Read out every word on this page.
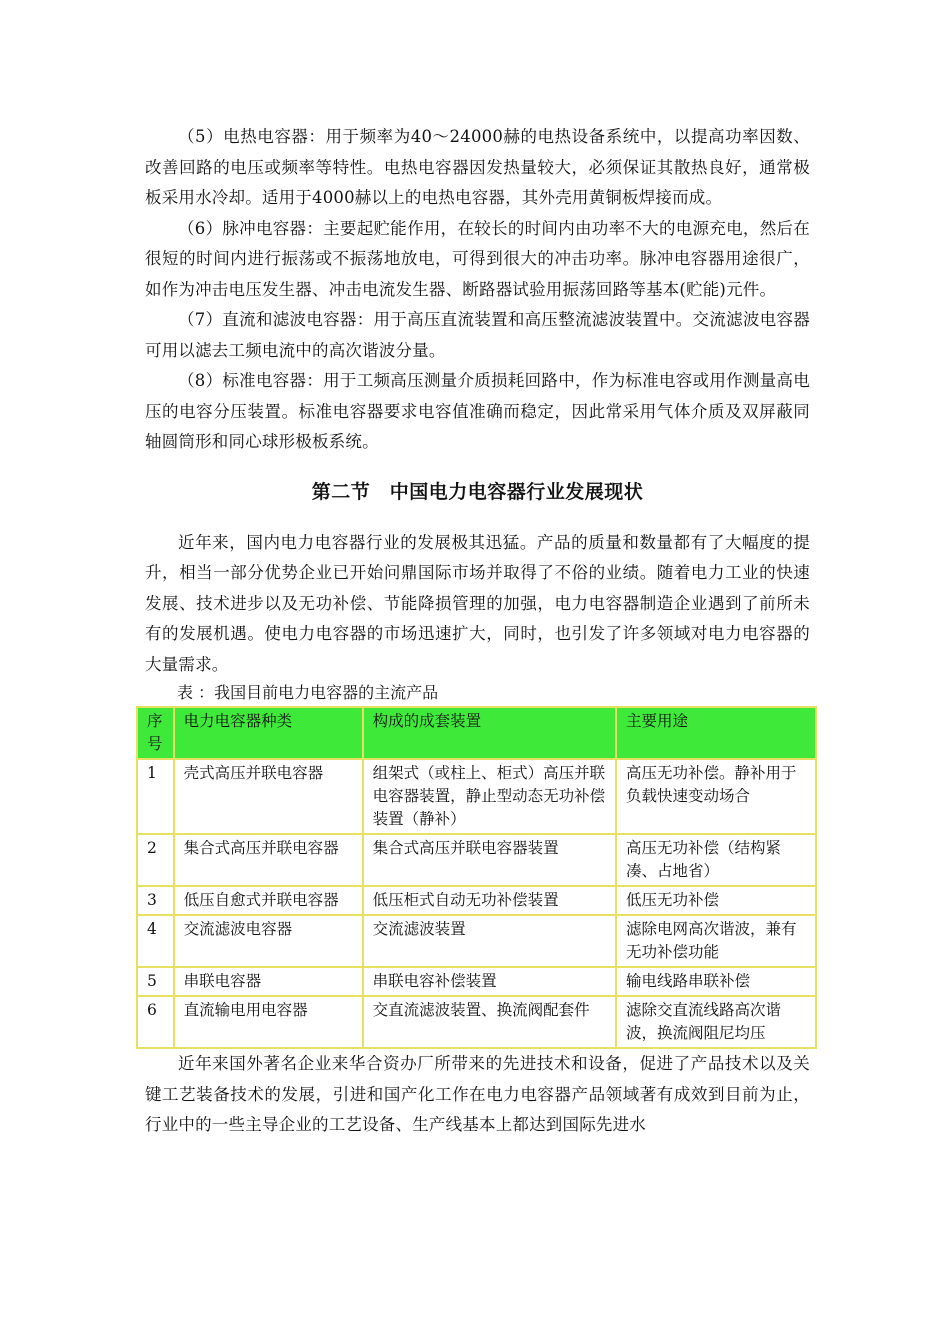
（5）电热电容器：用于频率为40～24000赫的电热设备系统中，以提高功率因数、改善回路的电压或频率等特性。电热电容器因发热量较大，必须保证其散热良好，通常极板采用水冷却。适用于4000赫以上的电热电容器，其外壳用黄铜板焊接而成。

（6）脉冲电容器：主要起贮能作用，在较长的时间内由功率不大的电源充电，然后在很短的时间内进行振荡或不振荡地放电，可得到很大的冲击功率。脉冲电容器用途很广，如作为冲击电压发生器、冲击电流发生器、断路器试验用振荡回路等基本(贮能)元件。

（7）直流和滤波电容器：用于高压直流装置和高压整流滤波装置中。交流滤波电容器可用以滤去工频电流中的高次谐波分量。

（8）标准电容器：用于工频高压测量介质损耗回路中，作为标准电容或用作测量高电压的电容分压装置。标准电容器要求电容值准确而稳定，因此常采用气体介质及双屏蔽同轴圆筒形和同心球形极板系统。

第二节　中国电力电容器行业发展现状

近年来，国内电力电容器行业的发展极其迅猛。产品的质量和数量都有了大幅度的提升，相当一部分优势企业已开始问鼎国际市场并取得了不俗的业绩。随着电力工业的快速发展、技术进步以及无功补偿、节能降损管理的加强，电力电容器制造企业遇到了前所未有的发展机遇。使电力电容器的市场迅速扩大，同时，也引发了许多领域对电力电容器的大量需求。

表 ：我国目前电力电容器的主流产品

序号	电力电容器种类	构成的成套装置	主要用途
1	壳式高压并联电容器	组架式（或柱上、柜式）高压并联电容器装置，静止型动态无功补偿装置（静补）	高压无功补偿。静补用于负载快速变动场合
2	集合式高压并联电容器	集合式高压并联电容器装置	高压无功补偿（结构紧凑、占地省）
3	低压自愈式并联电容器	低压柜式自动无功补偿装置	低压无功补偿
4	交流滤波电容器	交流滤波装置	滤除电网高次谐波，兼有无功补偿功能
5	串联电容器	串联电容补偿装置	输电线路串联补偿
6	直流输电用电容器	交直流滤波装置、换流阀配套件	滤除交直流线路高次谐波，换流阀阻尼均压

近年来国外著名企业来华合资办厂所带来的先进技术和设备，促进了产品技术以及关键工艺装备技术的发展，引进和国产化工作在电力电容器产品领域著有成效到目前为止，行业中的一些主导企业的工艺设备、生产线基本上都达到国际先进水
